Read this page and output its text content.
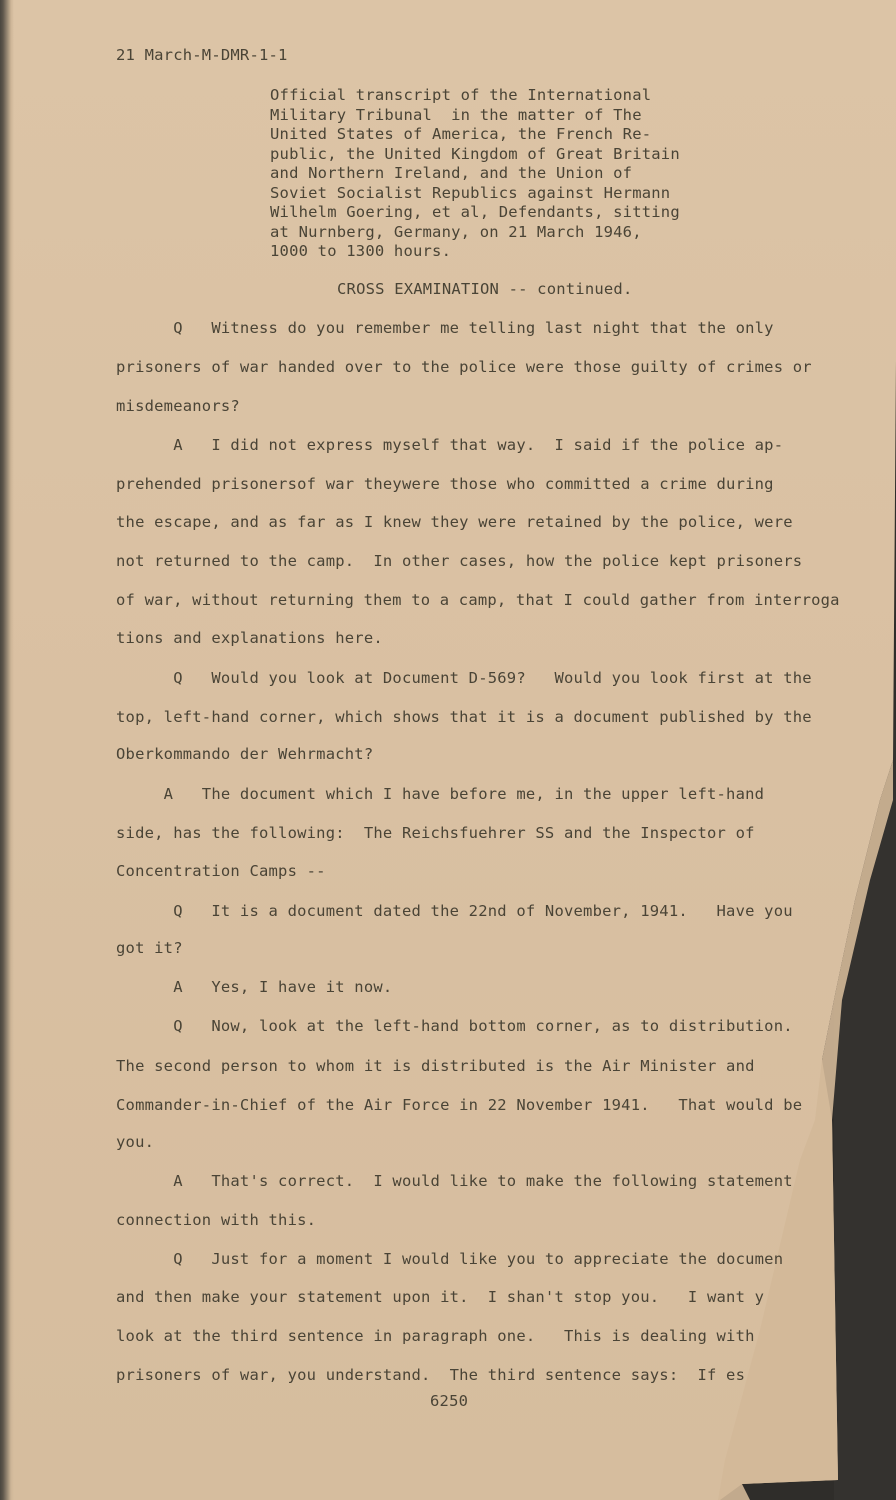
21 March-M-DMR-1-1
Official transcript of the International
Military Tribunal  in the matter of The
United States of America, the French Re-
public, the United Kingdom of Great Britain
and Northern Ireland, and the Union of
Soviet Socialist Republics against Hermann
Wilhelm Goering, et al, Defendants, sitting
at Nurnberg, Germany, on 21 March 1946,
1000 to 1300 hours.
CROSS EXAMINATION -- continued.
Q   Witness do you remember me telling last night that the only
prisoners of war handed over to the police were those guilty of crimes or
misdemeanors?
A   I did not express myself that way.  I said if the police ap-
prehended prisonersof war theywere those who committed a crime during
the escape, and as far as I knew they were retained by the police, were
not returned to the camp.  In other cases, how the police kept prisoners
of war, without returning them to a camp, that I could gather from interroga
tions and explanations here.
Q   Would you look at Document D-569?   Would you look first at the
top, left-hand corner, which shows that it is a document published by the
Oberkommando der Wehrmacht?
A   The document which I have before me, in the upper left-hand
side, has the following:  The Reichsfuehrer SS and the Inspector of
Concentration Camps --
Q   It is a document dated the 22nd of November, 1941.   Have you
got it?
A   Yes, I have it now.
Q   Now, look at the left-hand bottom corner, as to distribution.
The second person to whom it is distributed is the Air Minister and
Commander-in-Chief of the Air Force in 22 November 1941.   That would be
you.
A   That's correct.  I would like to make the following statement
connection with this.
Q   Just for a moment I would like you to appreciate the documen
and then make your statement upon it.  I shan't stop you.   I want y
look at the third sentence in paragraph one.   This is dealing with
prisoners of war, you understand.  The third sentence says:  If es
6250
